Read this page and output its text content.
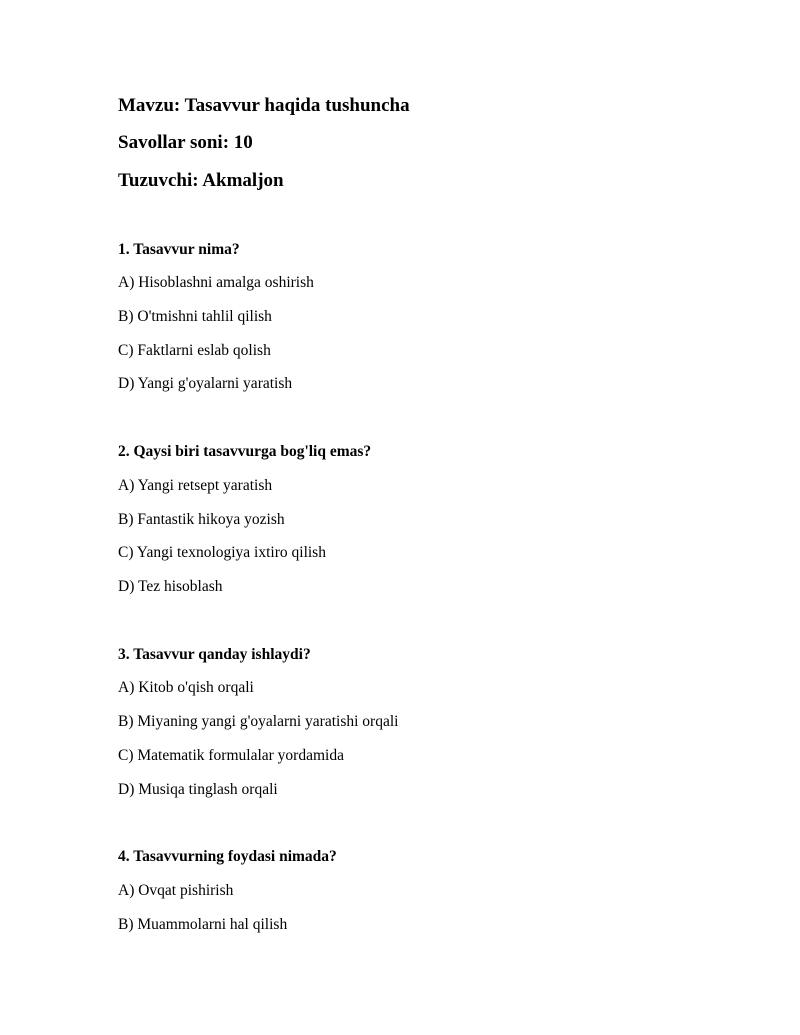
Mavzu: Tasavvur haqida tushuncha
Savollar soni: 10
Tuzuvchi: Akmaljon
1. Tasavvur nima?
A) Hisoblashni amalga oshirish
B) O'tmishni tahlil qilish
C) Faktlarni eslab qolish
D) Yangi g'oyalarni yaratish
2. Qaysi biri tasavvurga bog'liq emas?
A) Yangi retsept yaratish
B) Fantastik hikoya yozish
C) Yangi texnologiya ixtiro qilish
D) Tez hisoblash
3. Tasavvur qanday ishlaydi?
A) Kitob o'qish orqali
B) Miyaning yangi g'oyalarni yaratishi orqali
C) Matematik formulalar yordamida
D) Musiqa tinglash orqali
4. Tasavvurning foydasi nimada?
A) Ovqat pishirish
B) Muammolarni hal qilish
